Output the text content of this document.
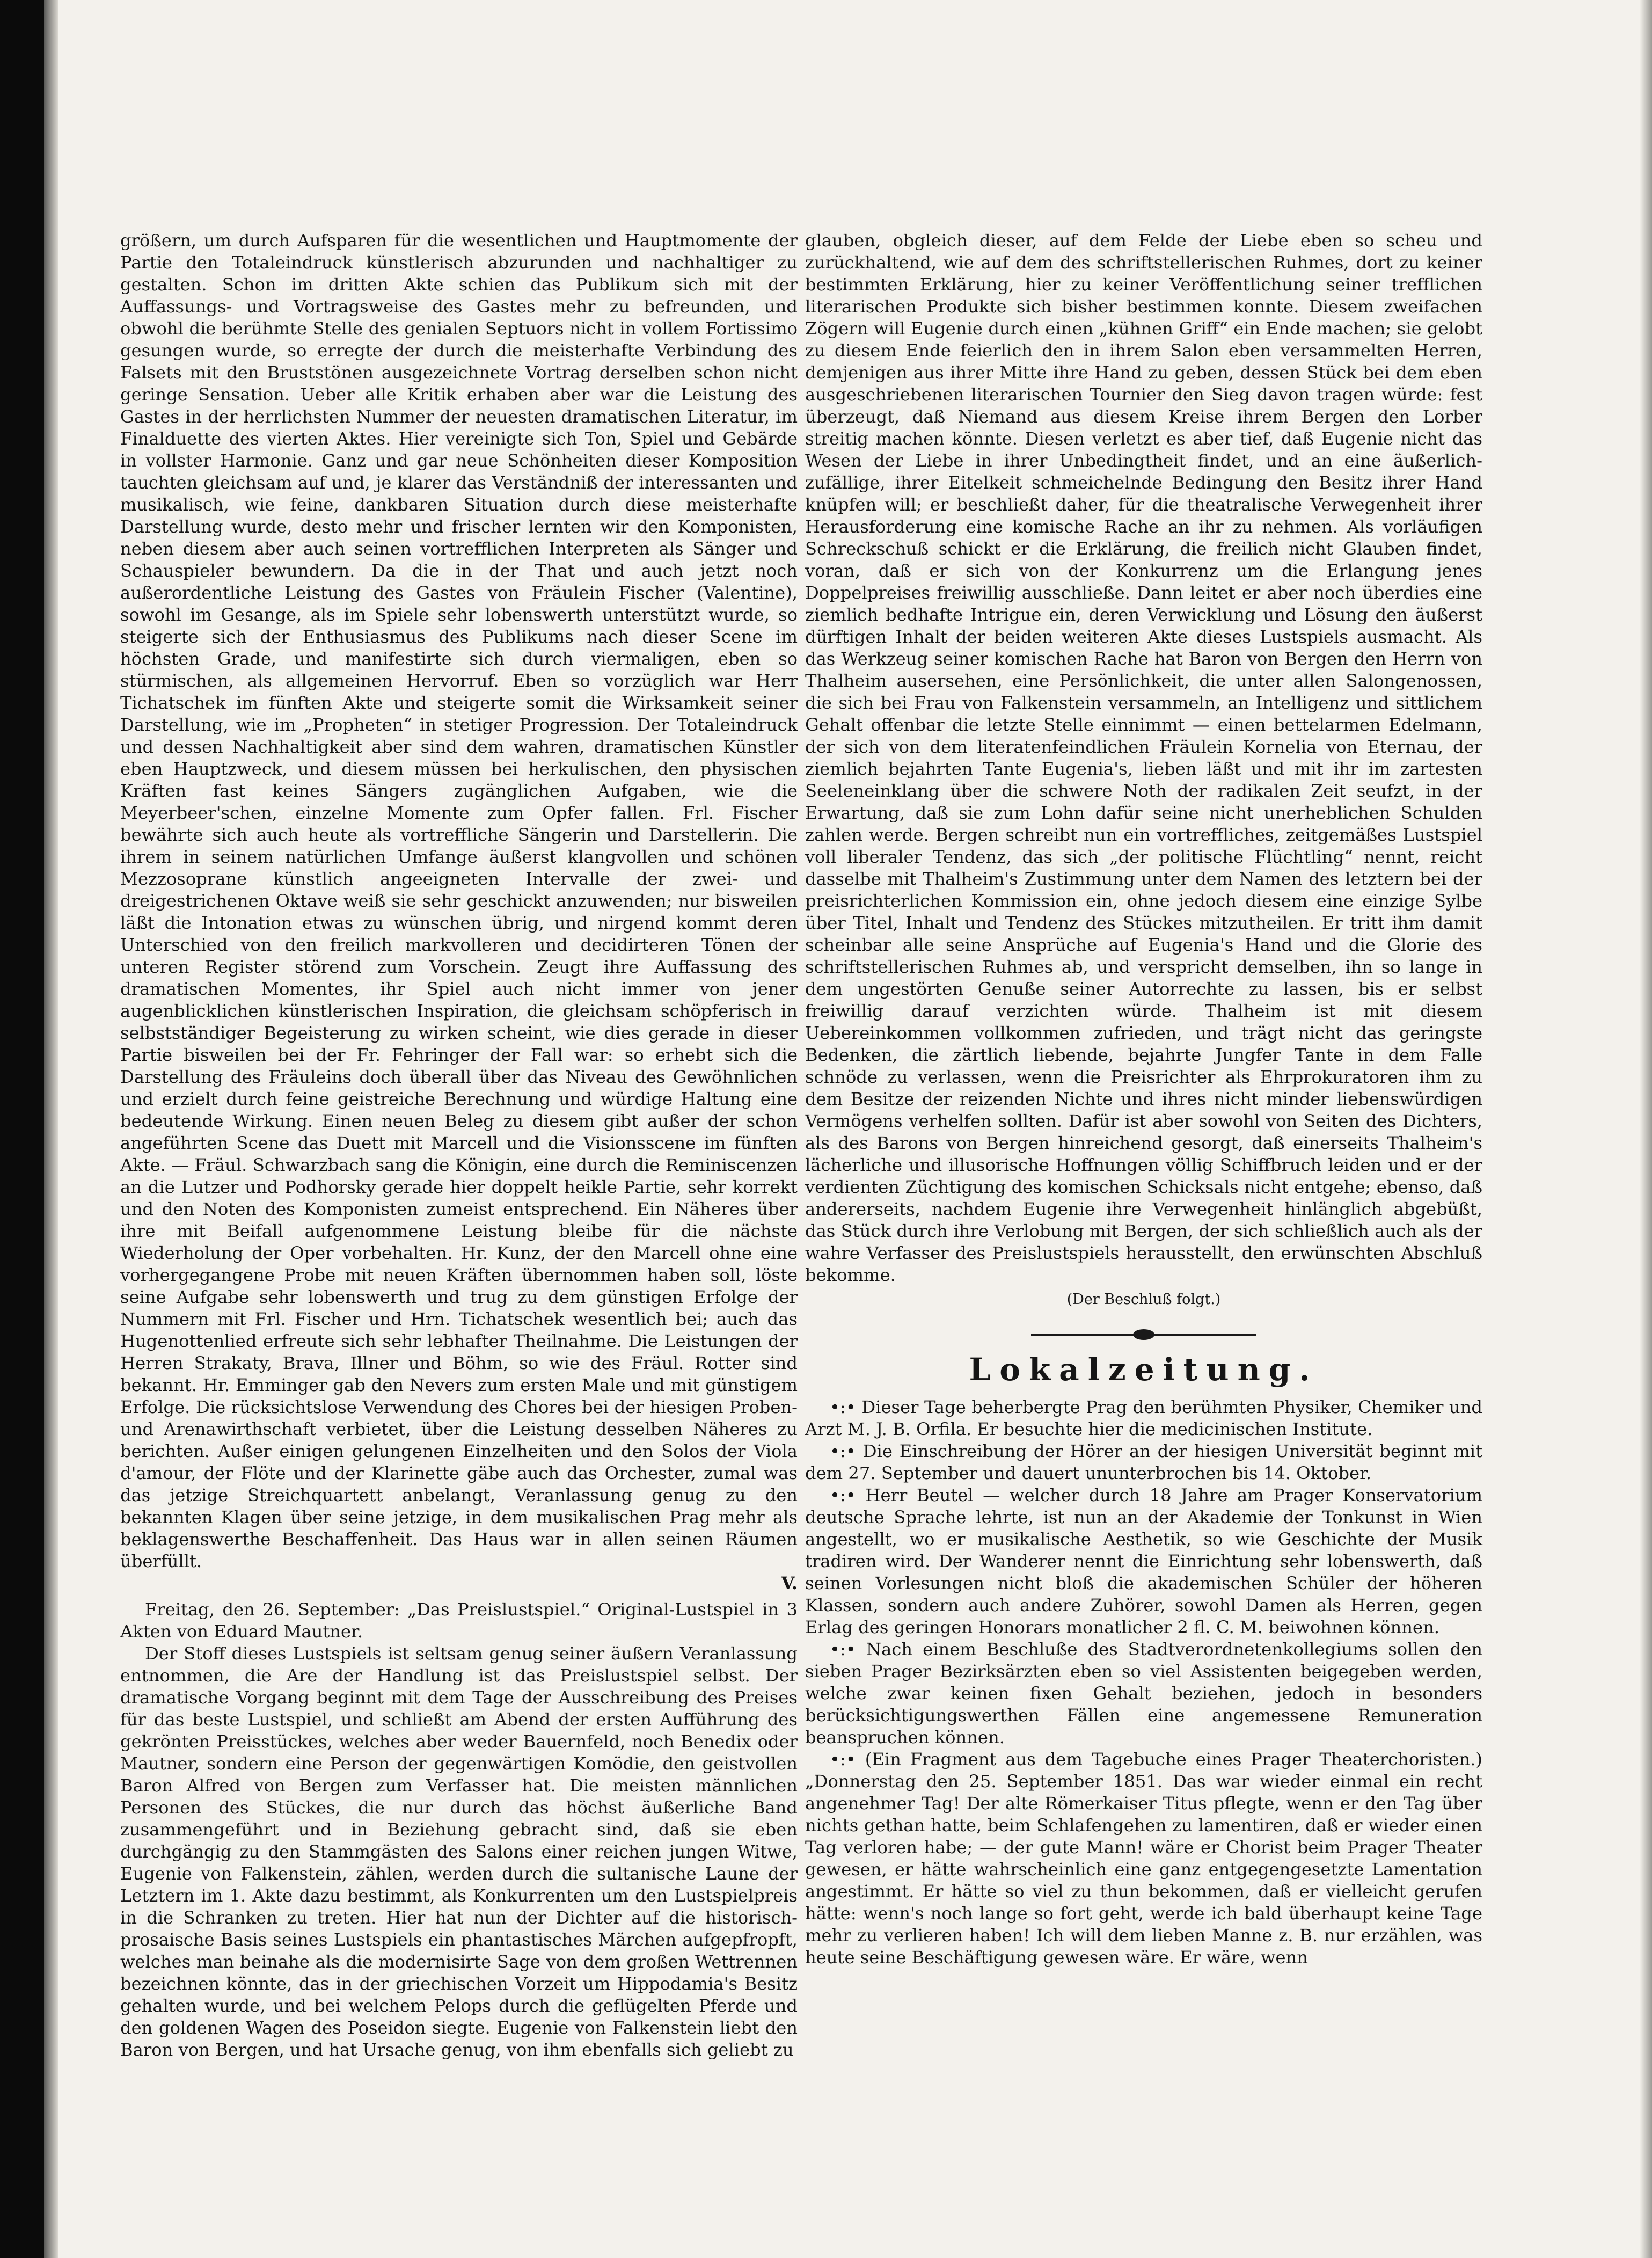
größern, um durch Aufsparen für die wesentlichen und Hauptmomente der Partie den Totaleindruck künstlerisch abzurunden und nachhaltiger zu gestalten. Schon im dritten Akte schien das Publikum sich mit der Auffassungs- und Vortragsweise des Gastes mehr zu befreunden, und obwohl die berühmte Stelle des genialen Septuors nicht in vollem Fortissimo gesungen wurde, so erregte der durch die meisterhafte Verbindung des Falsets mit den Bruststönen ausgezeichnete Vortrag derselben schon nicht geringe Sensation. Ueber alle Kritik erhaben aber war die Leistung des Gastes in der herrlichsten Nummer der neuesten dramatischen Literatur, im Finalduette des vierten Aktes. Hier vereinigte sich Ton, Spiel und Gebärde in vollster Harmonie. Ganz und gar neue Schönheiten dieser Komposition tauchten gleichsam auf und, je klarer das Verständniß der interessanten und musikalisch, wie feine, dankbaren Situation durch diese meisterhafte Darstellung wurde, desto mehr und frischer lernten wir den Komponisten, neben diesem aber auch seinen vortrefflichen Interpreten als Sänger und Schauspieler bewundern. Da die in der That und auch jetzt noch außerordentliche Leistung des Gastes von Fräulein Fischer (Valentine), sowohl im Gesange, als im Spiele sehr lobenswerth unterstützt wurde, so steigerte sich der Enthusiasmus des Publikums nach dieser Scene im höchsten Grade, und manifestirte sich durch viermaligen, eben so stürmischen, als allgemeinen Hervorruf. Eben so vorzüglich war Herr Tichatschek im fünften Akte und steigerte somit die Wirksamkeit seiner Darstellung, wie im „Propheten“ in stetiger Progression. Der Totaleindruck und dessen Nachhaltigkeit aber sind dem wahren, dramatischen Künstler eben Hauptzweck, und diesem müssen bei herkulischen, den physischen Kräften fast keines Sängers zugänglichen Aufgaben, wie die Meyerbeer'schen, einzelne Momente zum Opfer fallen. Frl. Fischer bewährte sich auch heute als vortreffliche Sängerin und Darstellerin. Die ihrem in seinem natürlichen Umfange äußerst klangvollen und schönen Mezzosoprane künstlich angeeigneten Intervalle der zwei- und dreigestrichenen Oktave weiß sie sehr geschickt anzuwenden; nur bisweilen läßt die Intonation etwas zu wünschen übrig, und nirgend kommt deren Unterschied von den freilich markvolleren und decidirteren Tönen der unteren Register störend zum Vorschein. Zeugt ihre Auffassung des dramatischen Momentes, ihr Spiel auch nicht immer von jener augenblicklichen künstlerischen Inspiration, die gleichsam schöpferisch in selbstständiger Begeisterung zu wirken scheint, wie dies gerade in dieser Partie bisweilen bei der Fr. Fehringer der Fall war: so erhebt sich die Darstellung des Fräuleins doch überall über das Niveau des Gewöhnlichen und erzielt durch feine geistreiche Berechnung und würdige Haltung eine bedeutende Wirkung. Einen neuen Beleg zu diesem gibt außer der schon angeführten Scene das Duett mit Marcell und die Visionsscene im fünften Akte. — Fräul. Schwarzbach sang die Königin, eine durch die Reminiscenzen an die Lutzer und Podhorsky gerade hier doppelt heikle Partie, sehr korrekt und den Noten des Komponisten zumeist entsprechend. Ein Näheres über ihre mit Beifall aufgenommene Leistung bleibe für die nächste Wiederholung der Oper vorbehalten. Hr. Kunz, der den Marcell ohne eine vorhergegangene Probe mit neuen Kräften übernommen haben soll, löste seine Aufgabe sehr lobenswerth und trug zu dem günstigen Erfolge der Nummern mit Frl. Fischer und Hrn. Tichatschek wesentlich bei; auch das Hugenottenlied erfreute sich sehr lebhafter Theilnahme. Die Leistungen der Herren Strakaty, Brava, Illner und Böhm, so wie des Fräul. Rotter sind bekannt. Hr. Emminger gab den Nevers zum ersten Male und mit günstigem Erfolge. Die rücksichtslose Verwendung des Chores bei der hiesigen Proben- und Arenawirthschaft verbietet, über die Leistung desselben Näheres zu berichten. Außer einigen gelungenen Einzelheiten und den Solos der Viola d'amour, der Flöte und der Klarinette gäbe auch das Orchester, zumal was das jetzige Streichquartett anbelangt, Veranlassung genug zu den bekannten Klagen über seine jetzige, in dem musikalischen Prag mehr als beklagenswerthe Beschaffenheit. Das Haus war in allen seinen Räumen überfüllt.

V.

Freitag, den 26. September: „Das Preislustspiel.“ Original-Lustspiel in 3 Akten von Eduard Mautner.

Der Stoff dieses Lustspiels ist seltsam genug seiner äußern Veranlassung entnommen, die Are der Handlung ist das Preislustspiel selbst. Der dramatische Vorgang beginnt mit dem Tage der Ausschreibung des Preises für das beste Lustspiel, und schließt am Abend der ersten Aufführung des gekrönten Preisstückes, welches aber weder Bauernfeld, noch Benedix oder Mautner, sondern eine Person der gegenwärtigen Komödie, den geistvollen Baron Alfred von Bergen zum Verfasser hat. Die meisten männlichen Personen des Stückes, die nur durch das höchst äußerliche Band zusammengeführt und in Beziehung gebracht sind, daß sie eben durchgängig zu den Stammgästen des Salons einer reichen jungen Witwe, Eugenie von Falkenstein, zählen, werden durch die sultanische Laune der Letztern im 1. Akte dazu bestimmt, als Konkurrenten um den Lustspielpreis in die Schranken zu treten. Hier hat nun der Dichter auf die historisch-prosaische Basis seines Lustspiels ein phantastisches Märchen aufgepfropft, welches man beinahe als die modernisirte Sage von dem großen Wettrennen bezeichnen könnte, das in der griechischen Vorzeit um Hippodamia's Besitz gehalten wurde, und bei welchem Pelops durch die geflügelten Pferde und den goldenen Wagen des Poseidon siegte. Eugenie von Falkenstein liebt den Baron von Bergen, und hat Ursache genug, von ihm ebenfalls sich geliebt zu

glauben, obgleich dieser, auf dem Felde der Liebe eben so scheu und zurückhaltend, wie auf dem des schriftstellerischen Ruhmes, dort zu keiner bestimmten Erklärung, hier zu keiner Veröffentlichung seiner trefflichen literarischen Produkte sich bisher bestimmen konnte. Diesem zweifachen Zögern will Eugenie durch einen „kühnen Griff“ ein Ende machen; sie gelobt zu diesem Ende feierlich den in ihrem Salon eben versammelten Herren, demjenigen aus ihrer Mitte ihre Hand zu geben, dessen Stück bei dem eben ausgeschriebenen literarischen Tournier den Sieg davon tragen würde: fest überzeugt, daß Niemand aus diesem Kreise ihrem Bergen den Lorber streitig machen könnte. Diesen verletzt es aber tief, daß Eugenie nicht das Wesen der Liebe in ihrer Unbedingtheit findet, und an eine äußerlich-zufällige, ihrer Eitelkeit schmeichelnde Bedingung den Besitz ihrer Hand knüpfen will; er beschließt daher, für die theatralische Verwegenheit ihrer Herausforderung eine komische Rache an ihr zu nehmen. Als vorläufigen Schreckschuß schickt er die Erklärung, die freilich nicht Glauben findet, voran, daß er sich von der Konkurrenz um die Erlangung jenes Doppelpreises freiwillig ausschließe. Dann leitet er aber noch überdies eine ziemlich bedhafte Intrigue ein, deren Verwicklung und Lösung den äußerst dürftigen Inhalt der beiden weiteren Akte dieses Lustspiels ausmacht. Als das Werkzeug seiner komischen Rache hat Baron von Bergen den Herrn von Thalheim ausersehen, eine Persönlichkeit, die unter allen Salongenossen, die sich bei Frau von Falkenstein versammeln, an Intelligenz und sittlichem Gehalt offenbar die letzte Stelle einnimmt — einen bettelarmen Edelmann, der sich von dem literatenfeindlichen Fräulein Kornelia von Eternau, der ziemlich bejahrten Tante Eugenia's, lieben läßt und mit ihr im zartesten Seeleneinklang über die schwere Noth der radikalen Zeit seufzt, in der Erwartung, daß sie zum Lohn dafür seine nicht unerheblichen Schulden zahlen werde. Bergen schreibt nun ein vortreffliches, zeitgemäßes Lustspiel voll liberaler Tendenz, das sich „der politische Flüchtling“ nennt, reicht dasselbe mit Thalheim's Zustimmung unter dem Namen des letztern bei der preisrichterlichen Kommission ein, ohne jedoch diesem eine einzige Sylbe über Titel, Inhalt und Tendenz des Stückes mitzutheilen. Er tritt ihm damit scheinbar alle seine Ansprüche auf Eugenia's Hand und die Glorie des schriftstellerischen Ruhmes ab, und verspricht demselben, ihn so lange in dem ungestörten Genuße seiner Autorrechte zu lassen, bis er selbst freiwillig darauf verzichten würde. Thalheim ist mit diesem Uebereinkommen vollkommen zufrieden, und trägt nicht das geringste Bedenken, die zärtlich liebende, bejahrte Jungfer Tante in dem Falle schnöde zu verlassen, wenn die Preisrichter als Ehrprokuratoren ihm zu dem Besitze der reizenden Nichte und ihres nicht minder liebenswürdigen Vermögens verhelfen sollten. Dafür ist aber sowohl von Seiten des Dichters, als des Barons von Bergen hinreichend gesorgt, daß einerseits Thalheim's lächerliche und illusorische Hoffnungen völlig Schiffbruch leiden und er der verdienten Züchtigung des komischen Schicksals nicht entgehe; ebenso, daß andererseits, nachdem Eugenie ihre Verwegenheit hinlänglich abgebüßt, das Stück durch ihre Verlobung mit Bergen, der sich schließlich auch als der wahre Verfasser des Preislustspiels herausstellt, den erwünschten Abschluß bekomme.

(Der Beschluß folgt.)
Lokalzeitung.

•:• Dieser Tage beherbergte Prag den berühmten Physiker, Chemiker und Arzt M. J. B. Orfila. Er besuchte hier die medicinischen Institute.

•:• Die Einschreibung der Hörer an der hiesigen Universität beginnt mit dem 27. September und dauert ununterbrochen bis 14. Oktober.

•:• Herr Beutel — welcher durch 18 Jahre am Prager Konservatorium deutsche Sprache lehrte, ist nun an der Akademie der Tonkunst in Wien angestellt, wo er musikalische Aesthetik, so wie Geschichte der Musik tradiren wird. Der Wanderer nennt die Einrichtung sehr lobenswerth, daß seinen Vorlesungen nicht bloß die akademischen Schüler der höheren Klassen, sondern auch andere Zuhörer, sowohl Damen als Herren, gegen Erlag des geringen Honorars monatlicher 2 fl. C. M. beiwohnen können.

•:• Nach einem Beschluße des Stadtverordnetenkollegiums sollen den sieben Prager Bezirksärzten eben so viel Assistenten beigegeben werden, welche zwar keinen fixen Gehalt beziehen, jedoch in besonders berücksichtigungswerthen Fällen eine angemessene Remuneration beanspruchen können.

•:• (Ein Fragment aus dem Tagebuche eines Prager Theaterchoristen.) „Donnerstag den 25. September 1851. Das war wieder einmal ein recht angenehmer Tag! Der alte Römerkaiser Titus pflegte, wenn er den Tag über nichts gethan hatte, beim Schlafengehen zu lamentiren, daß er wieder einen Tag verloren habe; — der gute Mann! wäre er Chorist beim Prager Theater gewesen, er hätte wahrscheinlich eine ganz entgegengesetzte Lamentation angestimmt. Er hätte so viel zu thun bekommen, daß er vielleicht gerufen hätte: wenn's noch lange so fort geht, werde ich bald überhaupt keine Tage mehr zu verlieren haben! Ich will dem lieben Manne z. B. nur erzählen, was heute seine Beschäftigung gewesen wäre. Er wäre, wenn
